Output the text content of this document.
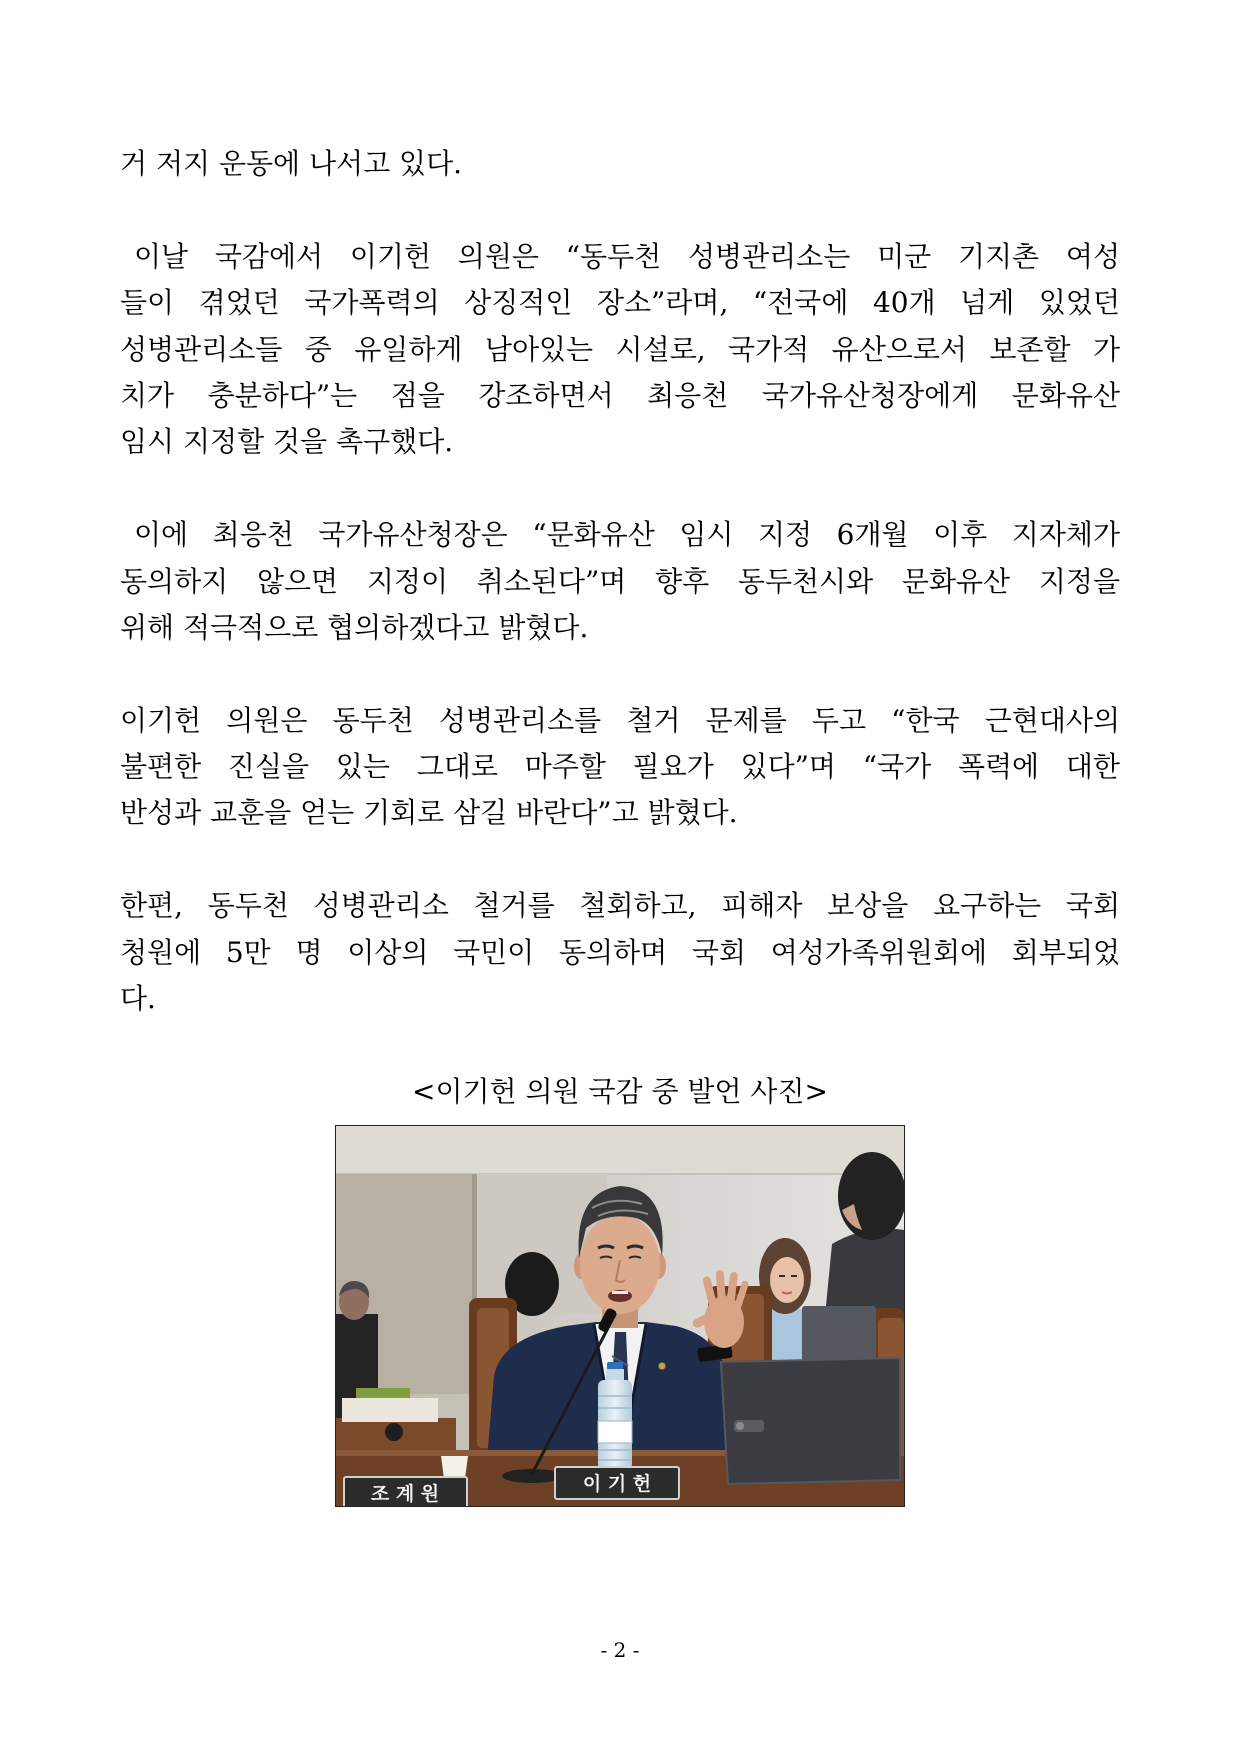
거 저지 운동에 나서고 있다.
이날 국감에서 이기헌 의원은 “동두천 성병관리소는 미군 기지촌 여성
들이 겪었던 국가폭력의 상징적인 장소”라며, “전국에 40개 넘게 있었던
성병관리소들 중 유일하게 남아있는 시설로, 국가적 유산으로서 보존할 가
치가 충분하다”는 점을 강조하면서 최응천 국가유산청장에게 문화유산
임시 지정할 것을 촉구했다.
이에 최응천 국가유산청장은 “문화유산 임시 지정 6개월 이후 지자체가
동의하지 않으면 지정이 취소된다”며 향후 동두천시와 문화유산 지정을
위해 적극적으로 협의하겠다고 밝혔다.
이기헌 의원은 동두천 성병관리소를 철거 문제를 두고 “한국 근현대사의
불편한 진실을 있는 그대로 마주할 필요가 있다”며 “국가 폭력에 대한
반성과 교훈을 얻는 기회로 삼길 바란다”고 밝혔다.
한편, 동두천 성병관리소 철거를 철회하고, 피해자 보상을 요구하는 국회
청원에 5만 명 이상의 국민이 동의하며 국회 여성가족위원회에 회부되었
다.
<이기헌 의원 국감 중 발언 사진>
조 계 원	이 기 헌
- 2 -
